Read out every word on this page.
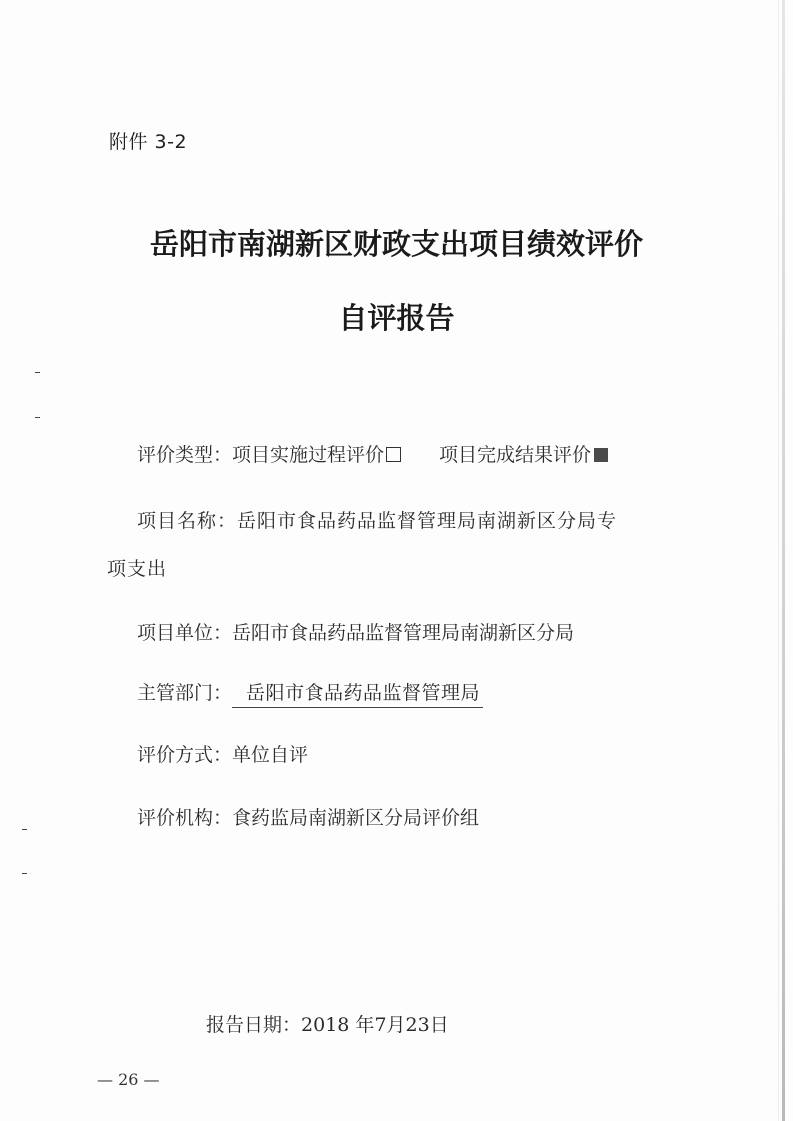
附件 3-2
岳阳市南湖新区财政支出项目绩效评价
自评报告
评价类型：项目实施过程评价	项目完成结果评价
项目名称：岳阳市食品药品监督管理局南湖新区分局专
项支出
项目单位：岳阳市食品药品监督管理局南湖新区分局
主管部门： 岳阳市食品药品监督管理局
评价方式：单位自评
评价机构：食药监局南湖新区分局评价组
报告日期：2018 年7月23日
— 26 —
